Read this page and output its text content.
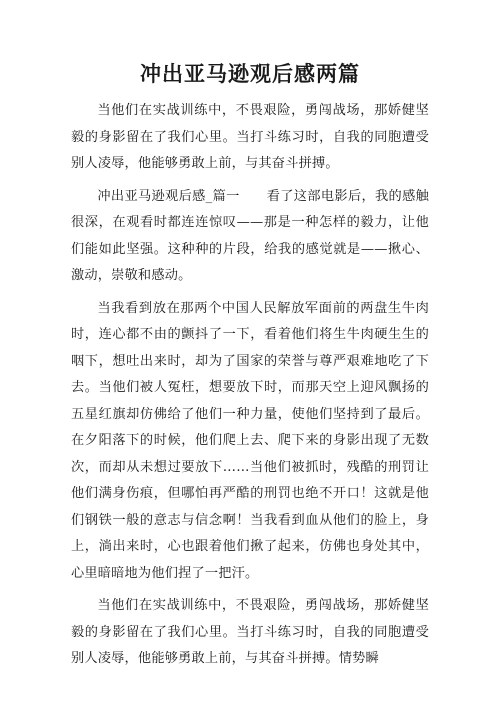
冲出亚马逊观后感两篇

当他们在实战训练中，不畏艰险，勇闯战场，那娇健坚毅的身影留在了我们心里。当打斗练习时，自我的同胞遭受别人凌辱，他能够勇敢上前，与其奋斗拼搏。

冲出亚马逊观后感_篇一　　看了这部电影后，我的感触很深，在观看时都连连惊叹——那是一种怎样的毅力，让他们能如此坚强。这种种的片段，给我的感觉就是——揪心、激动，崇敬和感动。

当我看到放在那两个中国人民解放军面前的两盘生牛肉时，连心都不由的颤抖了一下，看着他们将生牛肉硬生生的咽下，想吐出来时，却为了国家的荣誉与尊严艰难地吃了下去。当他们被人冤枉，想要放下时，而那天空上迎风飘扬的五星红旗却仿佛给了他们一种力量，使他们坚持到了最后。在夕阳落下的时候，他们爬上去、爬下来的身影出现了无数次，而却从未想过要放下……当他们被抓时，残酷的刑罚让他们满身伤痕，但哪怕再严酷的刑罚也绝不开口！这就是他们钢铁一般的意志与信念啊！当我看到血从他们的脸上，身上，淌出来时，心也跟着他们揪了起来，仿佛也身处其中，心里暗暗地为他们捏了一把汗。

当他们在实战训练中，不畏艰险，勇闯战场，那娇健坚毅的身影留在了我们心里。当打斗练习时，自我的同胞遭受别人凌辱，他能够勇敢上前，与其奋斗拼搏。情势瞬
